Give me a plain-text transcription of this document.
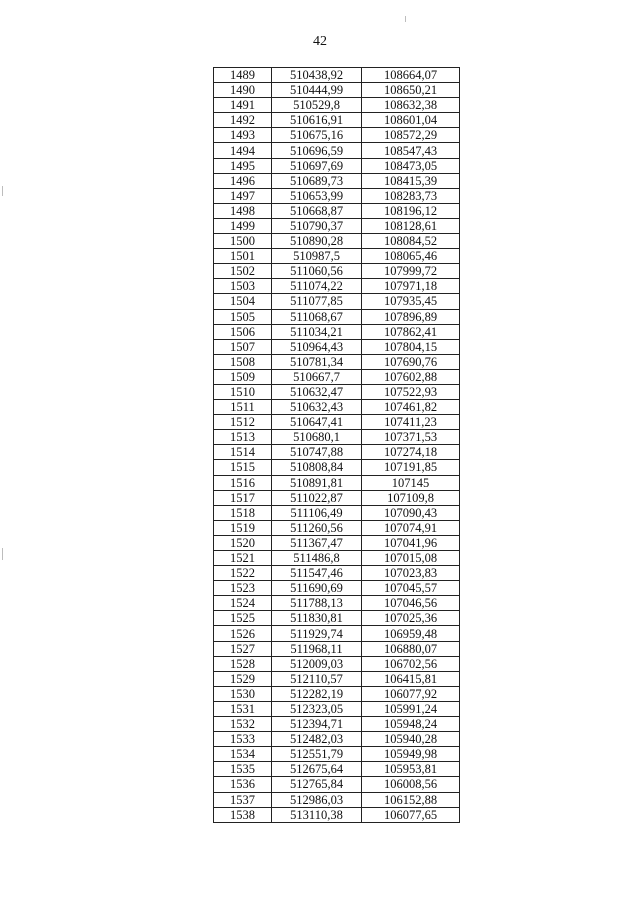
42
1489	510438,92	108664,07
1490	510444,99	108650,21
1491	510529,8	108632,38
1492	510616,91	108601,04
1493	510675,16	108572,29
1494	510696,59	108547,43
1495	510697,69	108473,05
1496	510689,73	108415,39
1497	510653,99	108283,73
1498	510668,87	108196,12
1499	510790,37	108128,61
1500	510890,28	108084,52
1501	510987,5	108065,46
1502	511060,56	107999,72
1503	511074,22	107971,18
1504	511077,85	107935,45
1505	511068,67	107896,89
1506	511034,21	107862,41
1507	510964,43	107804,15
1508	510781,34	107690,76
1509	510667,7	107602,88
1510	510632,47	107522,93
1511	510632,43	107461,82
1512	510647,41	107411,23
1513	510680,1	107371,53
1514	510747,88	107274,18
1515	510808,84	107191,85
1516	510891,81	107145
1517	511022,87	107109,8
1518	511106,49	107090,43
1519	511260,56	107074,91
1520	511367,47	107041,96
1521	511486,8	107015,08
1522	511547,46	107023,83
1523	511690,69	107045,57
1524	511788,13	107046,56
1525	511830,81	107025,36
1526	511929,74	106959,48
1527	511968,11	106880,07
1528	512009,03	106702,56
1529	512110,57	106415,81
1530	512282,19	106077,92
1531	512323,05	105991,24
1532	512394,71	105948,24
1533	512482,03	105940,28
1534	512551,79	105949,98
1535	512675,64	105953,81
1536	512765,84	106008,56
1537	512986,03	106152,88
1538	513110,38	106077,65
